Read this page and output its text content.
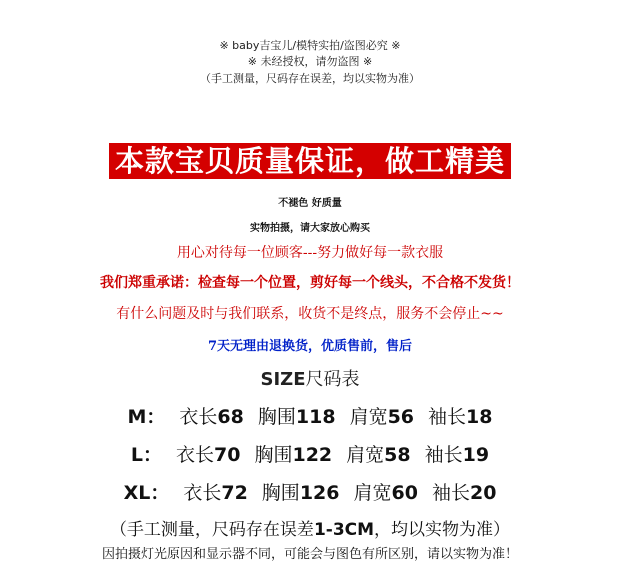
※ baby吉宝儿/模特实拍/盗图必究 ※
※ 未经授权，请勿盗图 ※
（手工测量，尺码存在误差，均以实物为准）
本款宝贝质量保证，做工精美
不褪色 好质量
实物拍摄，请大家放心购买
用心对待每一位顾客---努力做好每一款衣服
我们郑重承诺：检查每一个位置，剪好每一个线头，不合格不发货！
有什么问题及时与我们联系，收货不是终点，服务不会停止~~
7天无理由退换货，优质售前，售后
SIZE尺码表
M： 衣长68 胸围118 肩宽56 袖长18
L： 衣长70 胸围122 肩宽58 袖长19
XL： 衣长72 胸围126 肩宽60 袖长20
（手工测量，尺码存在误差1-3CM，均以实物为准）
因拍摄灯光原因和显示器不同，可能会与图色有所区别，请以实物为准！
